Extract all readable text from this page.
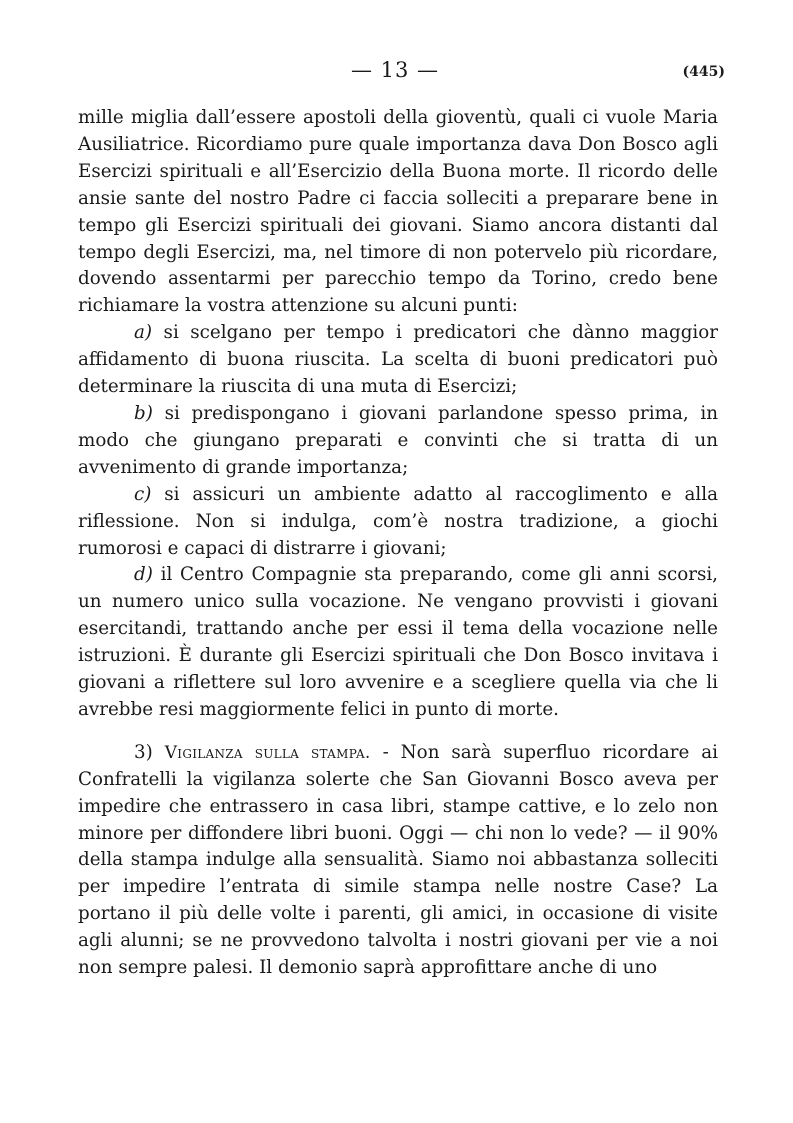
— 13 —	(445)

mille miglia dall’essere apostoli della gioventù, quali ci vuole Maria Ausiliatrice. Ricordiamo pure quale importanza dava Don Bosco agli Esercizi spirituali e all’Esercizio della Buona morte. Il ricordo delle ansie sante del nostro Padre ci faccia solleciti a preparare bene in tempo gli Esercizi spirituali dei giovani. Siamo ancora distanti dal tempo degli Esercizi, ma, nel timore di non potervelo più ricordare, dovendo assentarmi per parecchio tempo da Torino, credo bene richiamare la vostra attenzione su alcuni punti:

a) si scelgano per tempo i predicatori che dànno maggior affidamento di buona riuscita. La scelta di buoni predicatori può determinare la riuscita di una muta di Esercizi;

b) si predispongano i giovani parlandone spesso prima, in modo che giungano preparati e convinti che si tratta di un avvenimento di grande importanza;

c) si assicuri un ambiente adatto al raccoglimento e alla riflessione. Non si indulga, com’è nostra tradizione, a giochi rumorosi e capaci di distrarre i giovani;

d) il Centro Compagnie sta preparando, come gli anni scorsi, un numero unico sulla vocazione. Ne vengano provvisti i giovani esercitandi, trattando anche per essi il tema della vocazione nelle istruzioni. È durante gli Esercizi spirituali che Don Bosco invitava i giovani a riflettere sul loro avvenire e a scegliere quella via che li avrebbe resi maggiormente felici in punto di morte.

3) Vigilanza sulla stampa. - Non sarà superfluo ricordare ai Confratelli la vigilanza solerte che San Giovanni Bosco aveva per impedire che entrassero in casa libri, stampe cattive, e lo zelo non minore per diffondere libri buoni. Oggi — chi non lo vede? — il 90% della stampa indulge alla sensualità. Siamo noi abbastanza solleciti per impedire l’entrata di simile stampa nelle nostre Case? La portano il più delle volte i parenti, gli amici, in occasione di visite agli alunni; se ne provvedono talvolta i nostri giovani per vie a noi non sempre palesi. Il demonio saprà approfittare anche di uno
